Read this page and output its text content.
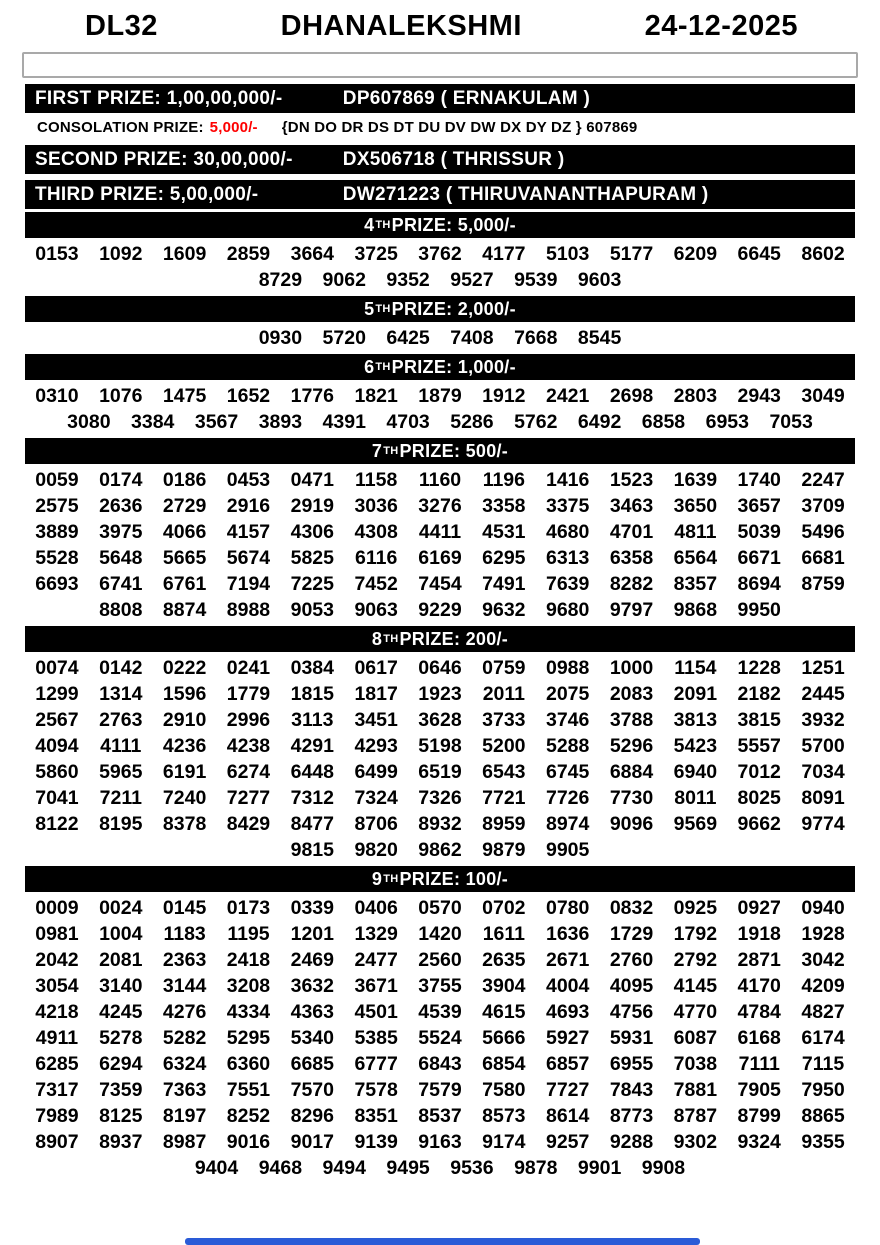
DL32	DHANALEKSHMI	24-12-2025
FIRST PRIZE: 1,00,00,000/-	DP607869 ( ERNAKULAM )
CONSOLATION PRIZE: 5,000/- {DN DO DR DS DT DU DV DW DX DY DZ } 607869
SECOND PRIZE: 30,00,000/-	DX506718 ( THRISSUR )
THIRD PRIZE: 5,00,000/-	DW271223 ( THIRUVANANTHAPURAM )
4 TH PRIZE: 5,000/-
0153	1092	1609	2859	3664	3725	3762	4177	5103	5177	6209	6645	8602
8729	9062	9352	9527	9539	9603
5 TH PRIZE: 2,000/-
0930	5720	6425	7408	7668	8545
6 TH PRIZE: 1,000/-
0310	1076	1475	1652	1776	1821	1879	1912	2421	2698	2803	2943	3049
3080	3384	3567	3893	4391	4703	5286	5762	6492	6858	6953	7053
7 TH PRIZE: 500/-
0059	0174	0186	0453	0471	1158	1160	1196	1416	1523	1639	1740	2247
2575	2636	2729	2916	2919	3036	3276	3358	3375	3463	3650	3657	3709
3889	3975	4066	4157	4306	4308	4411	4531	4680	4701	4811	5039	5496
5528	5648	5665	5674	5825	6116	6169	6295	6313	6358	6564	6671	6681
6693	6741	6761	7194	7225	7452	7454	7491	7639	8282	8357	8694	8759
8808	8874	8988	9053	9063	9229	9632	9680	9797	9868	9950
8 TH PRIZE: 200/-
0074	0142	0222	0241	0384	0617	0646	0759	0988	1000	1154	1228	1251
1299	1314	1596	1779	1815	1817	1923	2011	2075	2083	2091	2182	2445
2567	2763	2910	2996	3113	3451	3628	3733	3746	3788	3813	3815	3932
4094	4111	4236	4238	4291	4293	5198	5200	5288	5296	5423	5557	5700
5860	5965	6191	6274	6448	6499	6519	6543	6745	6884	6940	7012	7034
7041	7211	7240	7277	7312	7324	7326	7721	7726	7730	8011	8025	8091
8122	8195	8378	8429	8477	8706	8932	8959	8974	9096	9569	9662	9774
9815	9820	9862	9879	9905
9 TH PRIZE: 100/-
0009	0024	0145	0173	0339	0406	0570	0702	0780	0832	0925	0927	0940
0981	1004	1183	1195	1201	1329	1420	1611	1636	1729	1792	1918	1928
2042	2081	2363	2418	2469	2477	2560	2635	2671	2760	2792	2871	3042
3054	3140	3144	3208	3632	3671	3755	3904	4004	4095	4145	4170	4209
4218	4245	4276	4334	4363	4501	4539	4615	4693	4756	4770	4784	4827
4911	5278	5282	5295	5340	5385	5524	5666	5927	5931	6087	6168	6174
6285	6294	6324	6360	6685	6777	6843	6854	6857	6955	7038	7111	7115
7317	7359	7363	7551	7570	7578	7579	7580	7727	7843	7881	7905	7950
7989	8125	8197	8252	8296	8351	8537	8573	8614	8773	8787	8799	8865
8907	8937	8987	9016	9017	9139	9163	9174	9257	9288	9302	9324	9355
9404	9468	9494	9495	9536	9878	9901	9908
